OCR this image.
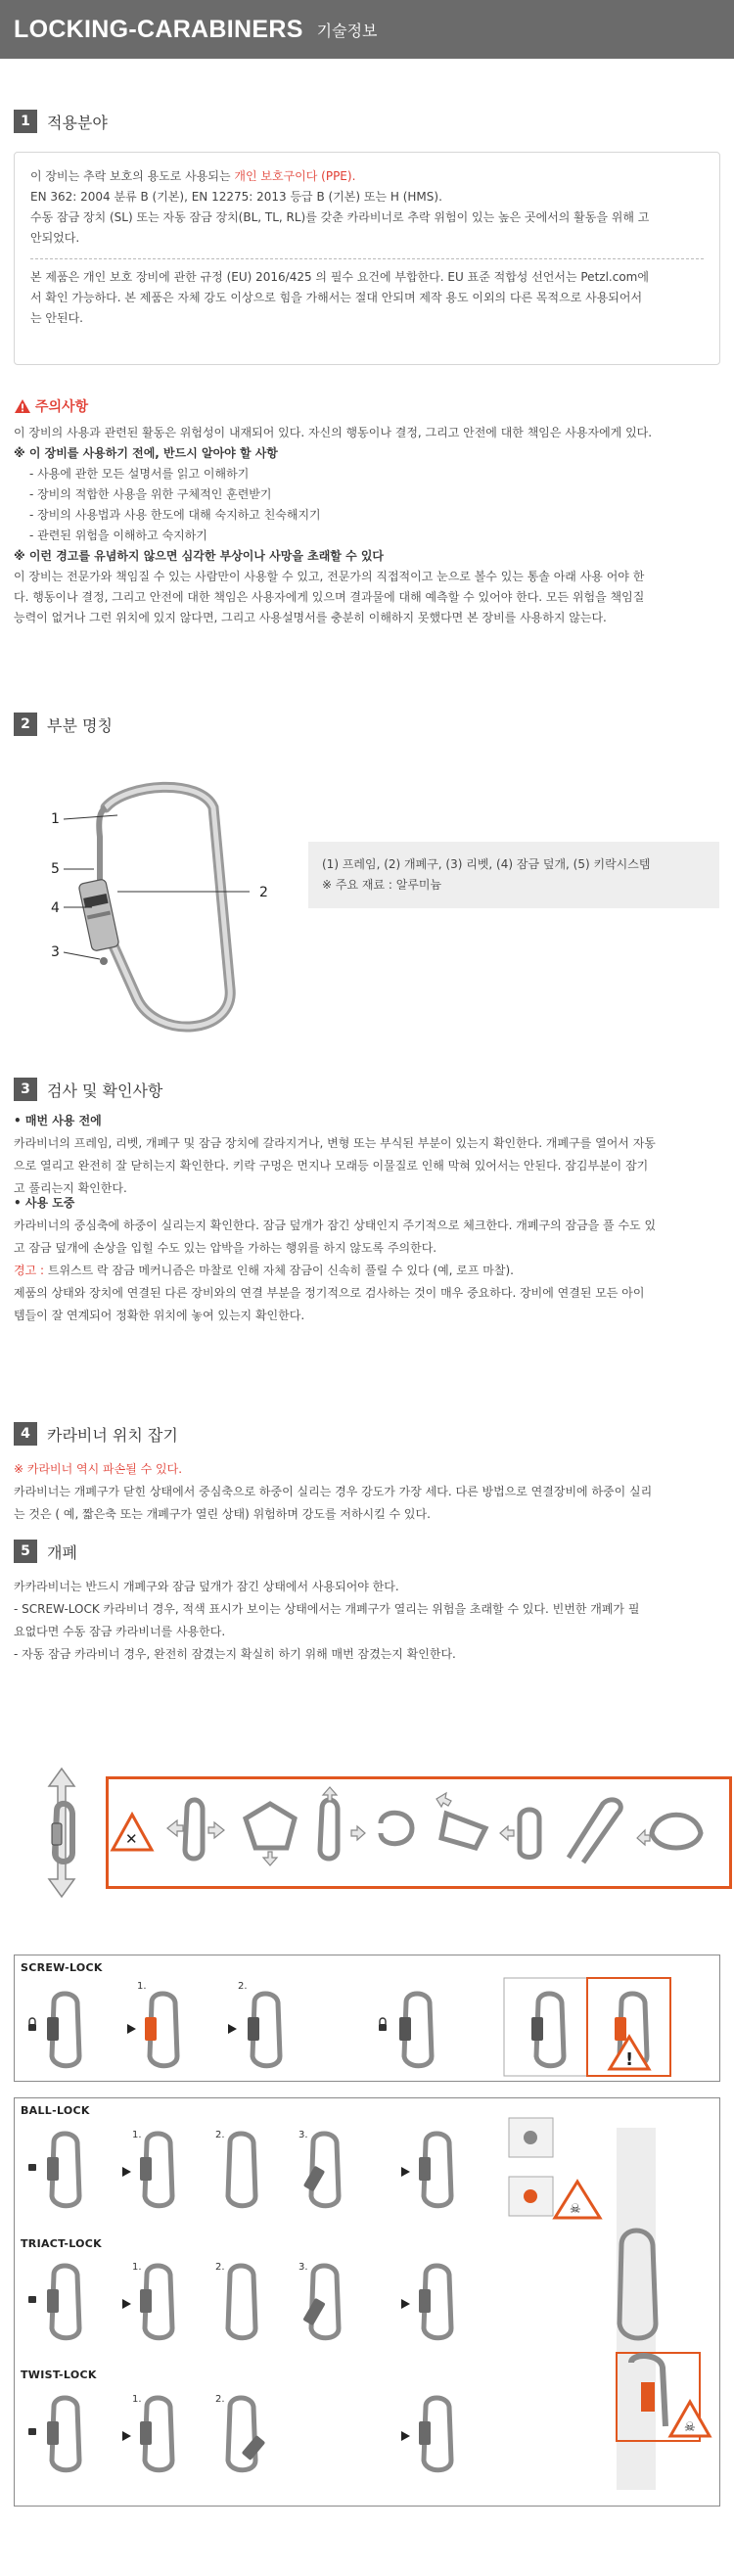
LOCKING-CARABINERS 기술정보
1	적용분야
이 장비는 추락 보호의 용도로 사용되는 개인 보호구이다 (PPE).
EN 362: 2004 분류 B (기본), EN 12275: 2013 등급 B (기본) 또는 H (HMS).
수동 잠금 장치 (SL) 또는 자동 잠금 장치(BL, TL, RL)를 갖춘 카라비너로 추락 위험이 있는 높은 곳에서의 활동을 위해 고
안되었다.
본 제품은 개인 보호 장비에 관한 규정 (EU) 2016/425 의 필수 요건에 부합한다. EU 표준 적합성 선언서는 Petzl.com에
서 확인 가능하다. 본 제품은 자체 강도 이상으로 힘을 가해서는 절대 안되며 제작 용도 이외의 다른 목적으로 사용되어서
는 안된다.
주의사항
이 장비의 사용과 관련된 활동은 위험성이 내재되어 있다. 자신의 행동이나 결정, 그리고 안전에 대한 책임은 사용자에게 있다.
※ 이 장비를 사용하기 전에, 반드시 알아야 할 사항
- 사용에 관한 모든 설명서를 읽고 이해하기
- 장비의 적합한 사용을 위한 구체적인 훈련받기
- 장비의 사용법과 사용 한도에 대해 숙지하고 친숙해지기
- 관련된 위험을 이해하고 숙지하기
※ 이런 경고를 유념하지 않으면 심각한 부상이나 사망을 초래할 수 있다
이 장비는 전문가와 책임질 수 있는 사람만이 사용할 수 있고, 전문가의 직접적이고 눈으로 볼수 있는 통솔 아래 사용 어야 한
다. 행동이나 결정, 그리고 안전에 대한 책임은 사용자에게 있으며 결과물에 대해 예측할 수 있어야 한다. 모든 위험을 책임질
능력이 없거나 그런 위치에 있지 않다면, 그리고 사용설명서를 충분히 이해하지 못했다면 본 장비를 사용하지 않는다.
2	부분 명칭
1
5
4
3
2
(1) 프레임, (2) 개폐구, (3) 리벳, (4) 잠금 덮개, (5) 키락시스템
※ 주요 재료 : 알루미늄
3	검사 및 확인사항
• 매번 사용 전에
카라비너의 프레임, 리벳, 개폐구 및 잠금 장치에 갈라지거나, 변형 또는 부식된 부분이 있는지 확인한다. 개폐구를 열어서 자동
으로 열리고 완전히 잘 닫히는지 확인한다. 키락 구멍은 먼지나 모래등 이물질로 인해 막혀 있어서는 안된다. 잠김부분이 잠기
고 풀리는지 확인한다.
• 사용 도중
카라비너의 중심축에 하중이 실리는지 확인한다. 잠금 덮개가 잠긴 상태인지 주기적으로 체크한다. 개폐구의 잠금을 풀 수도 있
고 잠금 덮개에 손상을 입힐 수도 있는 압박을 가하는 행위를 하지 않도록 주의한다.
경고 : 트위스트 락 잠금 메커니즘은 마찰로 인해 자체 잠금이 신속히 풀릴 수 있다 (예, 로프 마찰).
제품의 상태와 장치에 연결된 다른 장비와의 연결 부분을 정기적으로 검사하는 것이 매우 중요하다. 장비에 연결된 모든 아이
템들이 잘 연계되어 정확한 위치에 놓여 있는지 확인한다.
4	카라비너 위치 잡기
※ 카라비너 역시 파손될 수 있다.
카라비너는 개폐구가 닫힌 상태에서 중심축으로 하중이 실리는 경우 강도가 가장 세다. 다른 방법으로 연결장비에 하중이 실리
는 것은 ( 예, 짧은축 또는 개폐구가 열린 상태) 위험하며 강도를 저하시킬 수 있다.
5	개폐
카카라비너는 반드시 개폐구와 잠금 덮개가 잠긴 상태에서 사용되어야 한다.
- SCREW-LOCK 카라비너 경우, 적색 표시가 보이는 상태에서는 개폐구가 열리는 위험을 초래할 수 있다. 빈번한 개폐가 필
요없다면 수동 잠금 카라비너를 사용한다.
- 자동 잠금 카라비너 경우, 완전히 잠겼는지 확실히 하기 위해 매번 잠겼는지 확인한다.
✕
SCREW-LOCK
1.	2.
!
BALL-LOCK
TRIACT-LOCK
TWIST-LOCK
1.	2.	3.
1.	2.	3.
1.	2.
☠
☠
